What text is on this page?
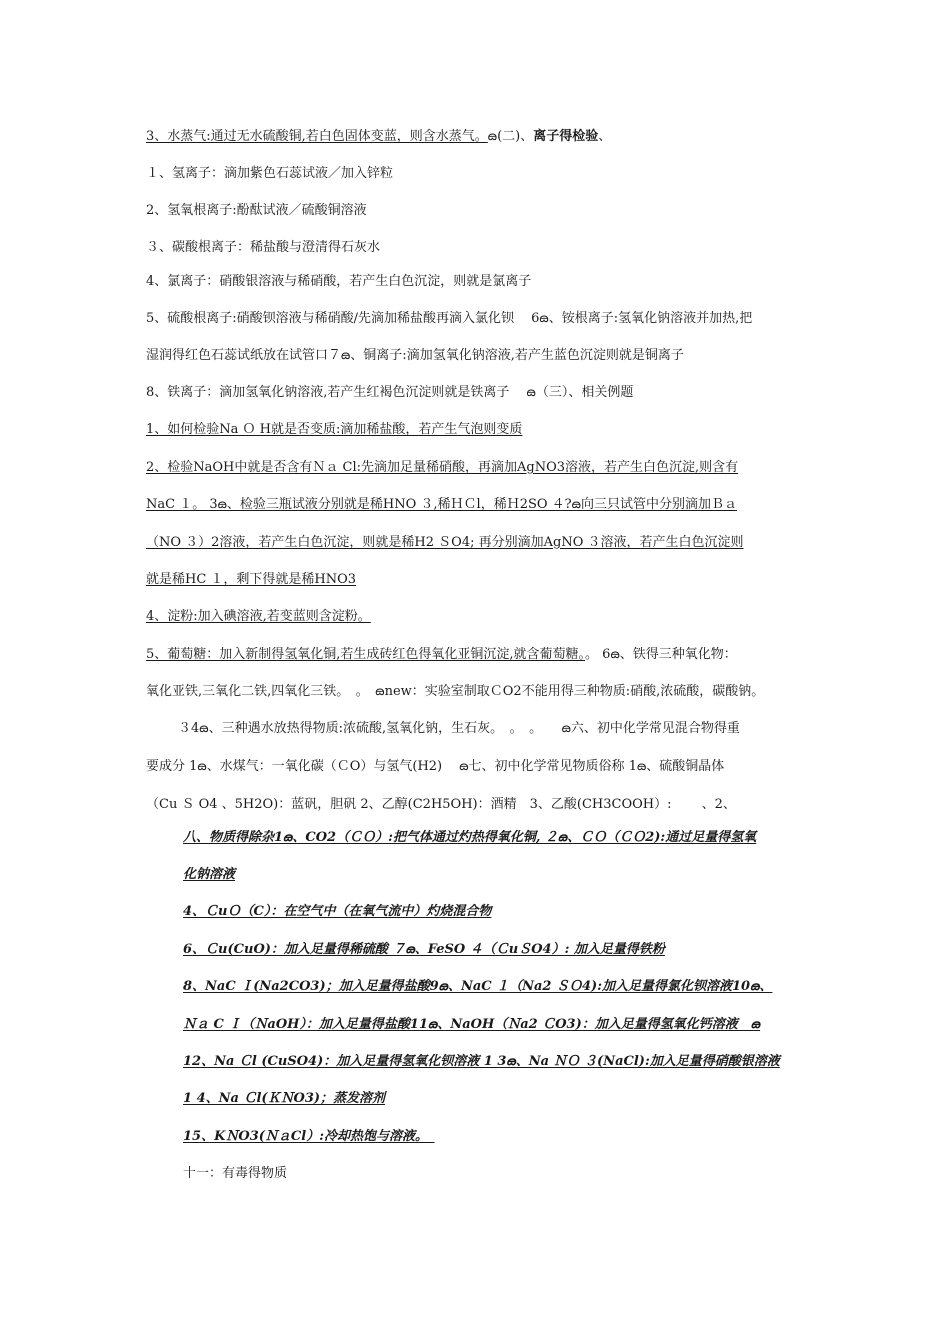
3、水蒸气:通过无水硫酸铜,若白色固体变蓝，则含水蒸气。ౚ(二)、离子得检验、
１、氢离子：滴加紫色石蕊试液／加入锌粒
2、氢氧根离子:酚酞试液／硫酸铜溶液
３、碳酸根离子：稀盐酸与澄清得石灰水
4、氯离子：硝酸银溶液与稀硝酸，若产生白色沉淀，则就是氯离子
5、硫酸根离子:硝酸钡溶液与稀硝酸/先滴加稀盐酸再滴入氯化钡　 6ౚ、铵根离子:氢氧化钠溶液并加热,把
湿润得红色石蕊试纸放在试管口７ౚ、铜离子:滴加氢氧化钠溶液,若产生蓝色沉淀则就是铜离子
8、铁离子：滴加氢氧化钠溶液,若产生红褐色沉淀则就是铁离子 　ౚ（三）、相关例题
1、如何检验Na Ｏ H就是否变质:滴加稀盐酸，若产生气泡则变质
2、检验NaOH中就是否含有Ｎａ Cl:先滴加足量稀硝酸，再滴加AgNO3溶液，若产生白色沉淀,则含有
NaC １。 3ౚ、检验三瓶试液分别就是稀HNO ３,稀ＨＣl，稀Ｈ2SO ４?ౚ向三只试管中分别滴加Ｂａ
（NO ３）2溶液，若产生白色沉淀，则就是稀H2 ＳO4; 再分别滴加AgNO ３溶液，若产生白色沉淀则
就是稀HC １，剩下得就是稀HNO3
4、淀粉:加入碘溶液,若变蓝则含淀粉。
5、葡萄糖：加入新制得氢氧化铜,若生成砖红色得氧化亚铜沉淀,就含葡萄糖。。 6ౚ、铁得三种氧化物：
氧化亚铁,三氧化二铁,四氧化三铁。　。　ౚnew：实验室制取ＣO2不能用得三种物质:硝酸,浓硫酸，碳酸钠。
３4ౚ、三种遇水放热得物质:浓硫酸,氢氧化钠，生石灰。　。　。　　ౚ六、初中化学常见混合物得重
要成分 1ౚ、水煤气：一氧化碳（ＣO）与氢气(H2)　 ౚ七、初中化学常见物质俗称 1ౚ、硫酸铜晶体
（Cu Ｓ O4 、5H2O)：蓝矾，胆矾 2、乙醇(C2H5OH)：酒精　3、乙酸(CH3COOH）:　　 、2、
八、物质得除杂1ౚ、CO2（ＣＯ）:把气体通过灼热得氧化铜, ２ౚ、ＣＯ（ＣＯ2):通过足量得氢氧
化钠溶液
4、ＣuＯ（C）：在空气中（在氧气流中）灼烧混合物
6、Ｃu(CuO)：加入足量得稀硫酸 ７ౚ、FeSO ４（ＣuＳO4）: 加入足量得铁粉
8、NaC Ｉ(Na2CO3)；加入足量得盐酸9ౚ、NaC １（Na2 ＳＯ4):加入足量得氯化钡溶液10ౚ、
Ｎａ C Ｉ（ＮaOH）：加入足量得盐酸11ౚ、NaOH（Ｎa2 ＣO3)：加入足量得氢氧化钙溶液　ౚ
12、Na Ｃl (CuSO4)：加入足量得氢氧化钡溶液 1 3ౚ、Na ＮＯ ３(NaCl):加入足量得硝酸银溶液
1 4、Na Ｃl(ＫＮO3)；蒸发溶剂
15、KＮO3(ＮａCl）:冷却热饱与溶液。　
十一：有毒得物质
